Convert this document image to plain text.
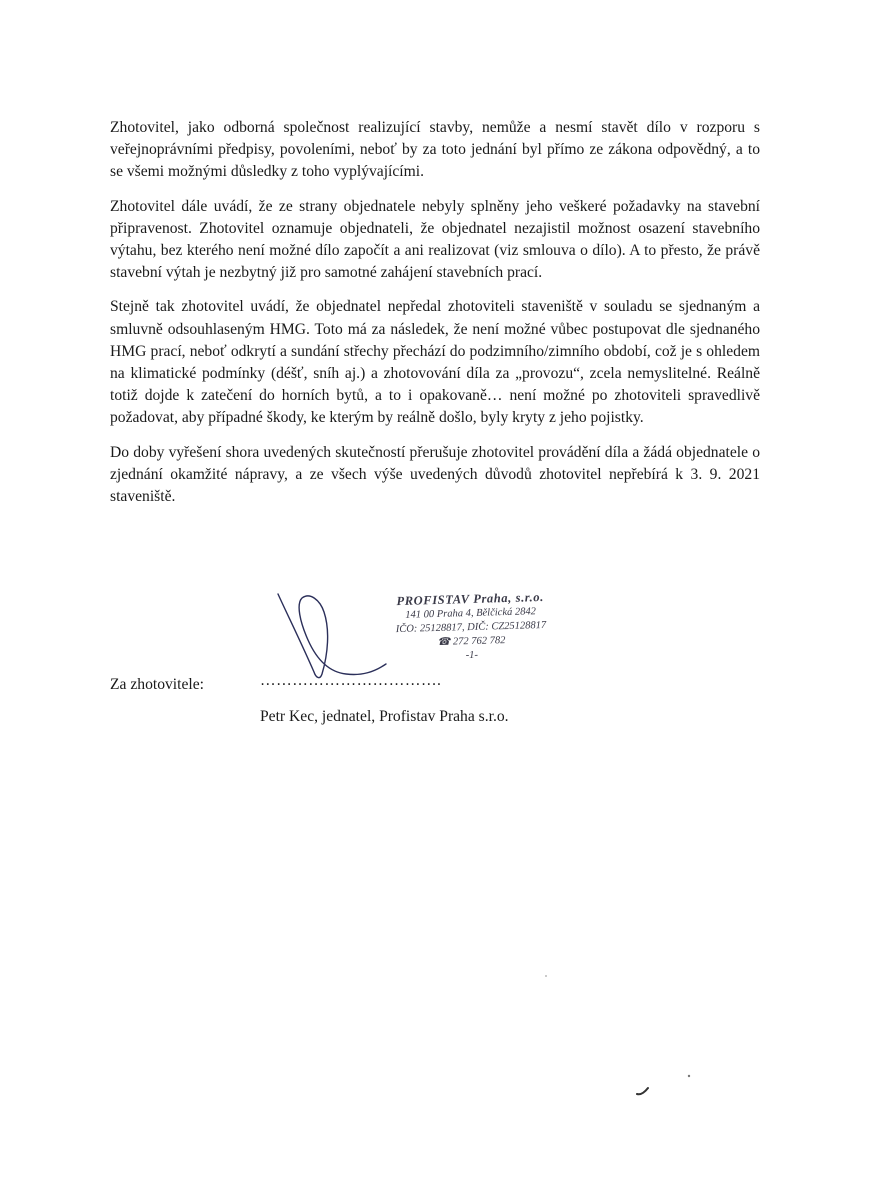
Zhotovitel, jako odborná společnost realizující stavby, nemůže a nesmí stavět dílo v rozporu s veřejnoprávními předpisy, povoleními, neboť by za toto jednání byl přímo ze zákona odpovědný, a to se všemi možnými důsledky z toho vyplývajícími.

Zhotovitel dále uvádí, že ze strany objednatele nebyly splněny jeho veškeré požadavky na stavební připravenost. Zhotovitel oznamuje objednateli, že objednatel nezajistil možnost osazení stavebního výtahu, bez kterého není možné dílo započít a ani realizovat (viz smlouva o dílo). A to přesto, že právě stavební výtah je nezbytný již pro samotné zahájení stavebních prací.

Stejně tak zhotovitel uvádí, že objednatel nepředal zhotoviteli staveniště v souladu se sjednaným a smluvně odsouhlaseným HMG. Toto má za následek, že není možné vůbec postupovat dle sjednaného HMG prací, neboť odkrytí a sundání střechy přechází do podzimního/zimního období, což je s ohledem na klimatické podmínky (déšť, sníh aj.) a zhotovování díla za „provozu“, zcela nemyslitelné. Reálně totiž dojde k zatečení do horních bytů, a to i opakovaně… není možné po zhotoviteli spravedlivě požadovat, aby případné škody, ke kterým by reálně došlo, byly kryty z jeho pojistky.

Do doby vyřešení shora uvedených skutečností přerušuje zhotovitel provádění díla a žádá objednatele o zjednání okamžité nápravy, a ze všech výše uvedených důvodů zhotovitel nepřebírá k 3. 9. 2021 staveniště.

PROFISTAV Praha, s.r.o.
141 00 Praha 4, Bělčická 2842
IČO: 25128817, DIČ: CZ25128817
☎ 272 762 782
-1-
Za zhotovitele:	…………………………….
Petr Kec, jednatel, Profistav Praha s.r.o.
